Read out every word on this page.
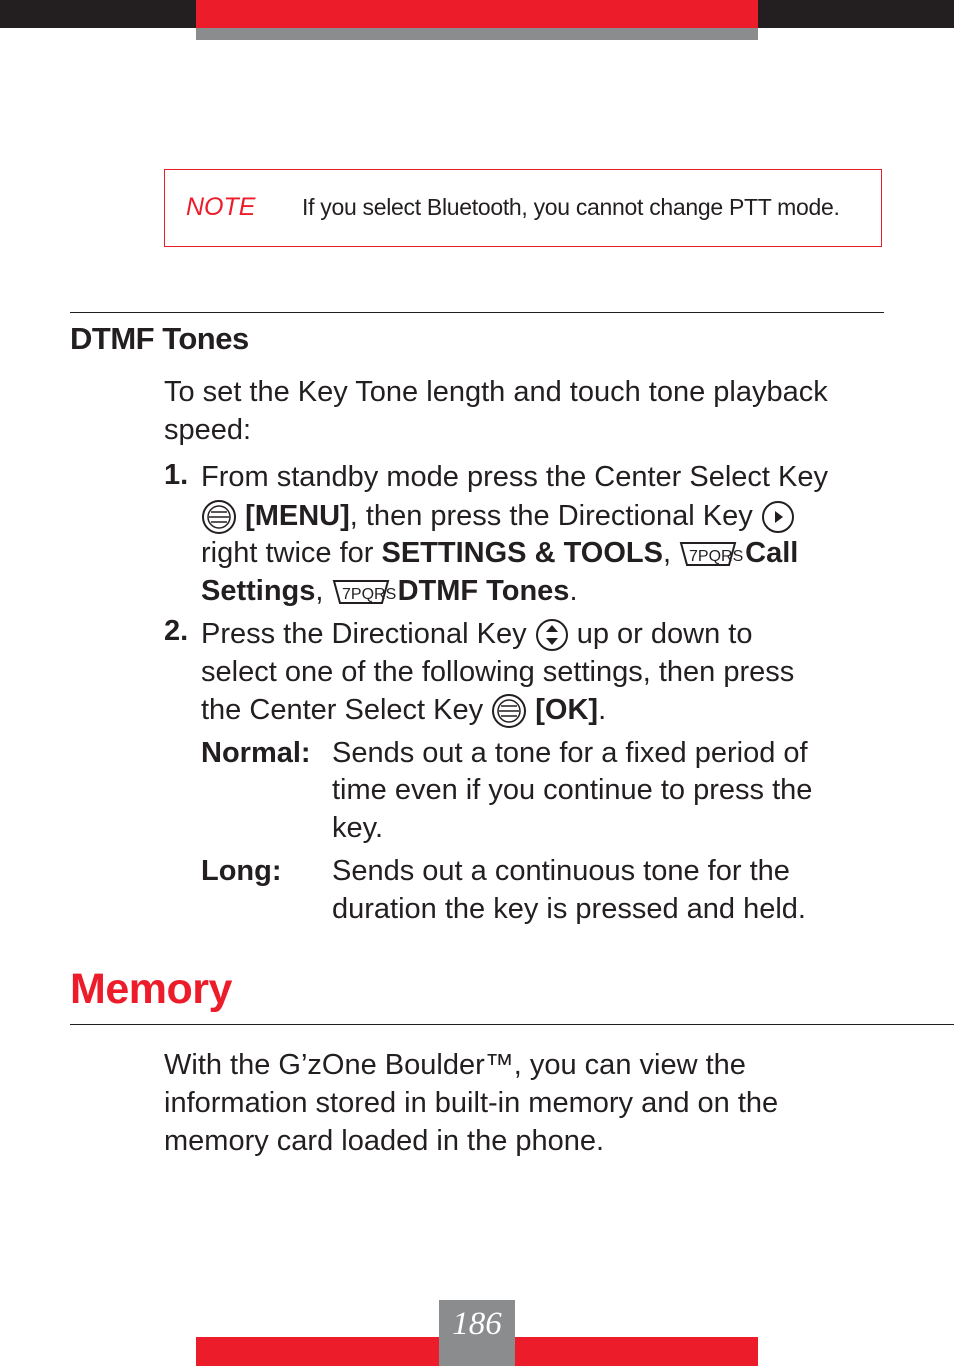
NOTE If you select Bluetooth, you cannot change PTT mode.
DTMF Tones
To set the Key Tone length and touch tone playback
speed:
1. From standby mode press the Center Select Key
[MENU], then press the Directional Key
right twice for SETTINGS & TOOLS, 7PQRS Call
Settings, 7PQRS DTMF Tones.
2. Press the Directional Key up or down to
select one of the following settings, then press
the Center Select Key [OK].
Normal: Sends out a tone for a fixed period of
time even if you continue to press the
key.
Long: Sends out a continuous tone for the
duration the key is pressed and held.
Memory
With the G’zOne Boulder™, you can view the
information stored in built-in memory and on the
memory card loaded in the phone.
186
